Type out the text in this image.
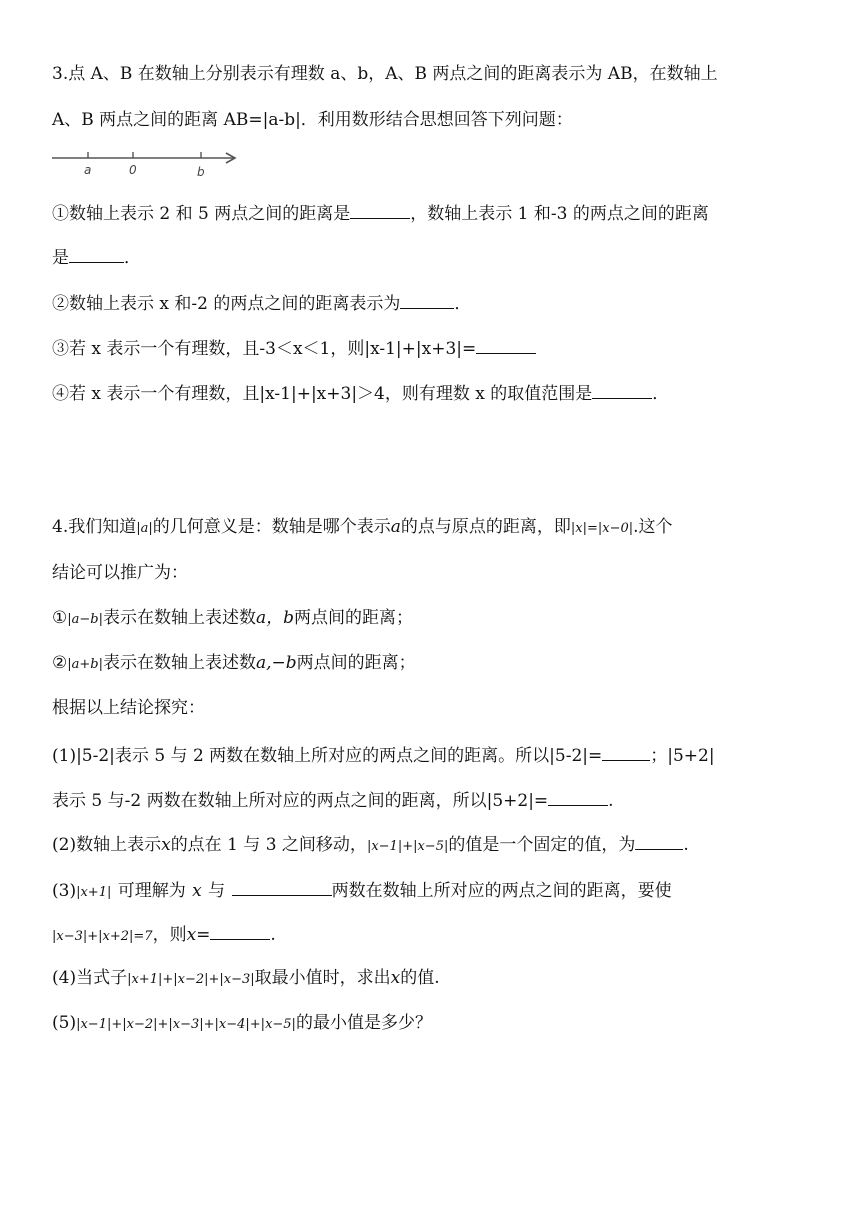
3.点 A、B 在数轴上分别表示有理数 a、b，A、B 两点之间的距离表示为 AB，在数轴上
A、B 两点之间的距离 AB=|a-b|．利用数形结合思想回答下列问题：
a	0	b
①数轴上表示 2 和 5 两点之间的距离是	，数轴上表示 1 和-3 的两点之间的距离
是	．
②数轴上表示 x 和-2 的两点之间的距离表示为	．
③若 x 表示一个有理数，且-3＜x＜1，则|x-1|+|x+3|=
④若 x 表示一个有理数，且|x-1|+|x+3|＞4，则有理数 x 的取值范围是	．
4.我们知道|a|的几何意义是：数轴是哪个表示a的点与原点的距离，即|x|=|x−0|.这个
结论可以推广为：
①|a−b|表示在数轴上表述数a，b两点间的距离；
②|a+b|表示在数轴上表述数a,−b两点间的距离；
根据以上结论探究：
(1)|5-2|表示 5 与 2 两数在数轴上所对应的两点之间的距离。所以|5-2|=	；|5+2|
表示 5 与-2 两数在数轴上所对应的两点之间的距离，所以|5+2|=	.
(2)数轴上表示x的点在 1 与 3 之间移动，|x−1|+|x−5|的值是一个固定的值，为	.
(3)|x+1| 可理解为 x 与	两数在数轴上所对应的两点之间的距离，要使
|x−3|+|x+2|=7，则x=	.
(4)当式子|x+1|+|x−2|+|x−3|取最小值时，求出x的值.
(5)|x−1|+|x−2|+|x−3|+|x−4|+|x−5|的最小值是多少？
